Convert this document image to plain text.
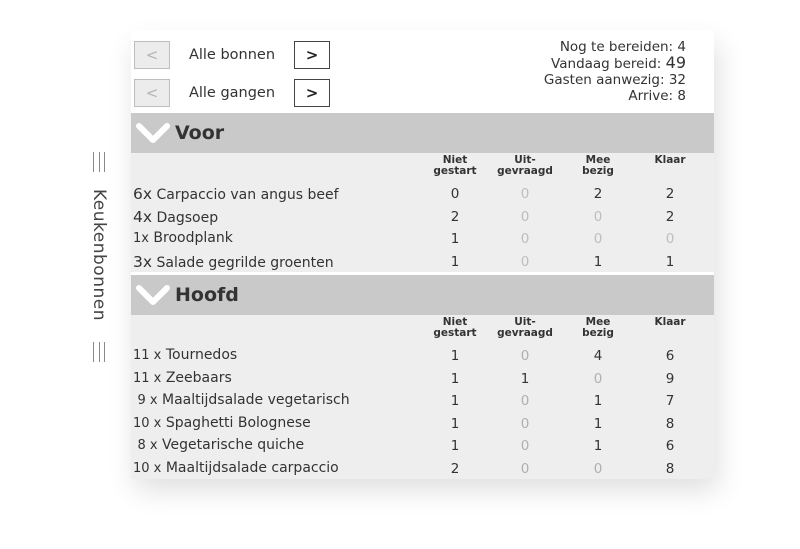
Keukenbonnen
<	Alle bonnen	>
<	Alle gangen	>
Nog te bereiden: 4
Vandaag bereid: 49
Gasten aanwezig: 32
Arrive: 8
Voor
Niet
gestart
Uit-
gevraagd
Mee
bezig
Klaar
6x Carpaccio van angus beef	0	0	2	2
4x Dagsoep	2	0	0	2
1x Broodplank	1	0	0	0
3x Salade gegrilde groenten	1	0	1	1
Hoofd
Niet
gestart
Uit-
gevraagd
Mee
bezig
Klaar
11 x Tournedos	1	0	4	6
11 x Zeebaars	1	1	0	9
9 x Maaltijdsalade vegetarisch	1	0	1	7
10 x Spaghetti Bolognese	1	0	1	8
8 x Vegetarische quiche	1	0	1	6
10 x Maaltijdsalade carpaccio	2	0	0	8
